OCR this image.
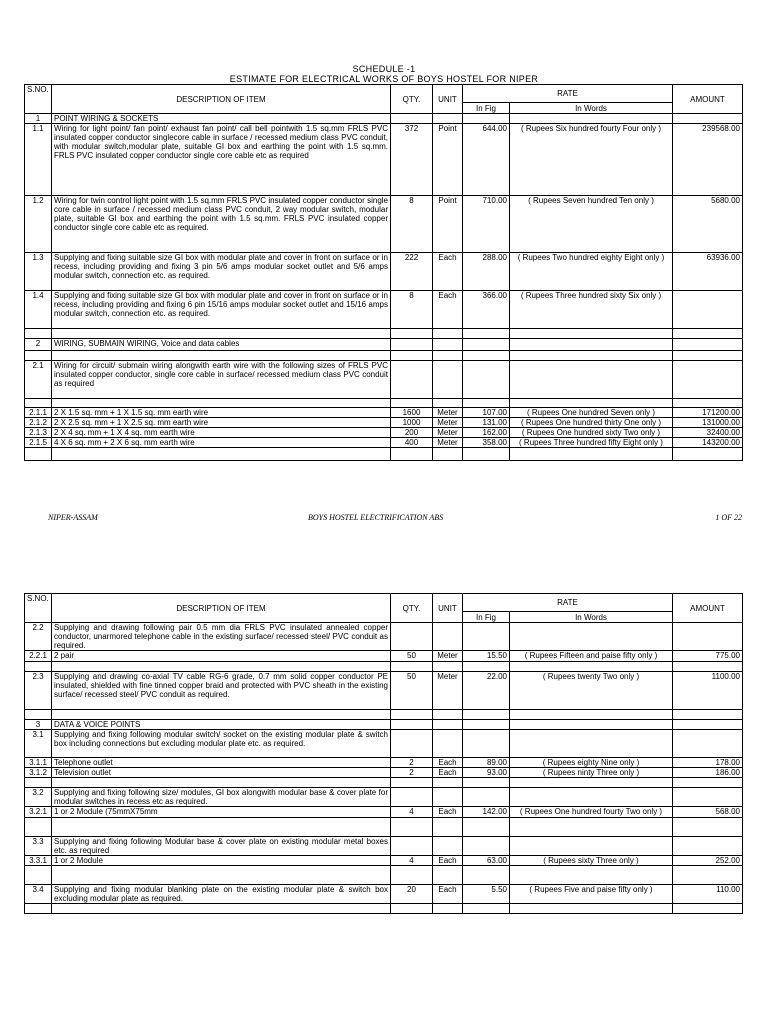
SCHEDULE -1
ESTIMATE FOR ELECTRICAL WORKS OF BOYS HOSTEL FOR NIPER
S.NO.	DESCRIPTION OF ITEM	QTY.	UNIT	RATE		AMOUNT
				In Fig	In Words	
1	POINT WIRING & SOCKETS					
1.1	Wiring for light point/ fan point/ exhaust fan point/ call bell pointwith 1.5 sq.mm FRLS PVC insulated copper conductor singlecore cable in surface / recessed medium class PVC conduit, with modular switch,modular plate, suitable GI box and earthing the point with 1.5 sq.mm. FRLS PVC insulated copper conductor single core cable etc as required	372	Point	644.00	( Rupees Six hundred fourty Four only )	239568.00
1.2	Wiring for twin control light point with 1.5 sq.mm FRLS PVC insulated copper conductor single core cable in surface / recessed medium class PVC conduit, 2 way modular switch, modular plate, suitable GI box and earthing the point with 1.5 sq.mm. FRLS PVC insulated copper conductor single core cable etc as required.	8	Point	710.00	( Rupees Seven hundred Ten only )	5680.00
1.3	Supplying and fixing suitable size GI box with modular plate and cover in front on surface or in recess, including providing and fixing 3 pin 5/6 amps modular socket outlet and 5/6 amps modular switch, connection etc. as required.	222	Each	288.00	( Rupees Two hundred eighty Eight only )	63936.00
1.4	Supplying and fixing suitable size GI box with modular plate and cover in front on surface or in recess, including providing and fixing 6 pin 15/16 amps modular socket outlet and 15/16 amps modular switch, connection etc. as required.	8	Each	366.00	( Rupees Three hundred sixty Six only )	

2	WIRING, SUBMAIN WIRING, Voice and data cables					

2.1	Wiring for circuit/ submain wiring alongwith earth wire with the following sizes of FRLS PVC insulated copper conductor, single core cable in surface/ recessed medium class PVC conduit as required					

2.1.1	2 X 1.5 sq. mm + 1 X 1.5 sq. mm earth wire	1600	Meter	107.00	( Rupees One hundred Seven only )	171200.00
2.1.2	2 X 2.5 sq. mm + 1 X 2.5 sq. mm earth wire	1000	Meter	131.00	( Rupees One hundred thirty One only )	131000.00
2.1.3	2 X 4 sq. mm + 1 X 4 sq. mm earth wire	200	Meter	162.00	( Rupees One hundred sixty Two only )	32400.00
2.1.5	4 X 6 sq. mm + 2 X 6 sq. mm earth wire	400	Meter	358.00	( Rupees Three hundred fifty Eight only )	143200.00

NIPER-ASSAM	BOYS HOSTEL ELECTRIFICATION ABS	1 OF 22
S.NO.	DESCRIPTION OF ITEM	QTY.	UNIT	RATE		AMOUNT
				In Fig	In Words	
2.2	Supplying and drawing following pair 0.5 mm dia FRLS PVC insulated annealed copper conductor, unarmored telephone cable in the existing surface/ recessed steel/ PVC conduit as required.					
2.2.1	2 pair	50	Meter	15.50	( Rupees Fifteen and paise fifty only )	775.00

2.3	Supplying and drawing co-axial TV cable RG-6 grade, 0.7 mm solid copper conductor PE insulated, shielded with fine tinned copper braid and protected with PVC sheath in the existing surface/ recessed steel/ PVC conduit as required.	50	Meter	22.00	( Rupees twenty Two only )	1100.00

3	DATA & VOICE POINTS					
3.1	Supplying and fixing following modular switch/ socket on the existing modular plate & switch box including connections but excluding modular plate etc. as required.					
3.1.1	Telephone outlet	2	Each	89.00	( Rupees eighty Nine only )	178.00
3.1.2	Television outlet	2	Each	93.00	( Rupees ninty Three only )	186.00

3.2	Supplying and fixing following size/ modules, GI box alongwith modular base & cover plate for modular switches in recess etc as required.					
3.2.1	1 or 2 Module (75mmX75mm	4	Each	142.00	( Rupees One hundred fourty Two only )	568.00

3.3	Supplying and fixing following Modular base & cover plate on existing modular metal boxes etc. as required					
3.3.1	1 or 2 Module	4	Each	63.00	( Rupees sixty Three only )	252.00

3.4	Supplying and fixing modular blanking plate on the existing modular plate & switch box excluding modular plate as required.	20	Each	5.50	( Rupees Five and paise fifty only )	110.00
